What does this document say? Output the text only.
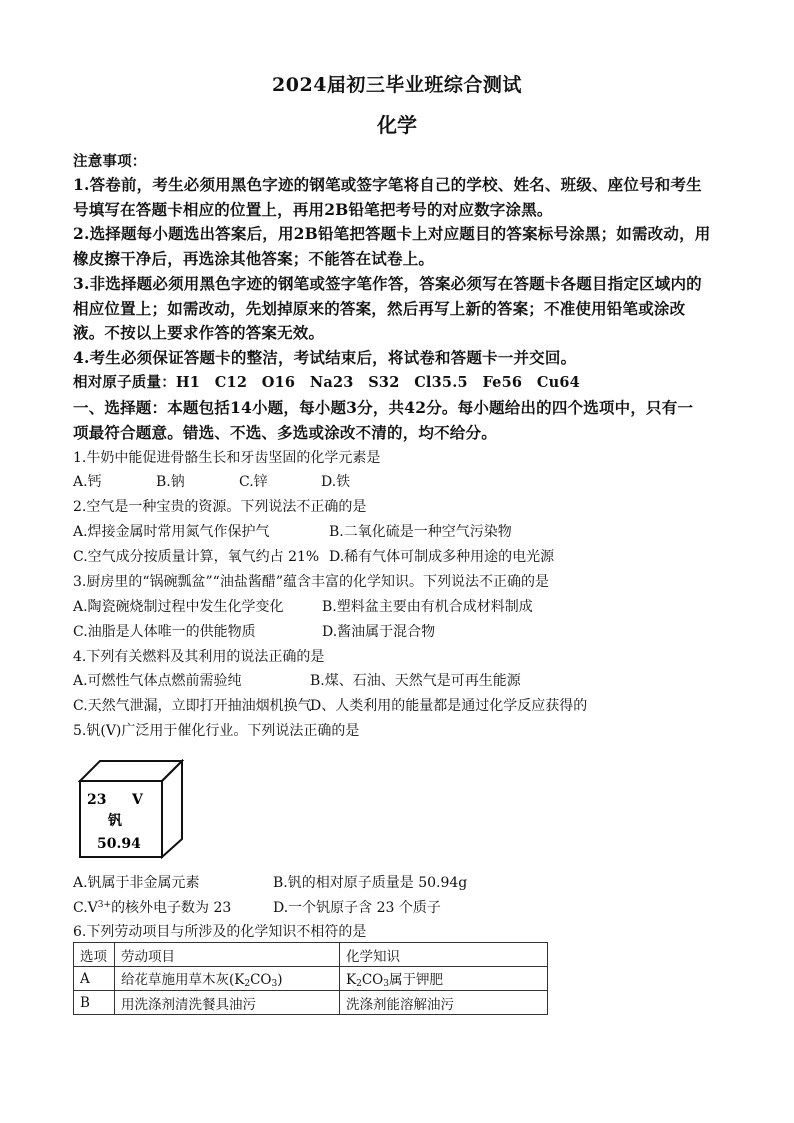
2024届初三毕业班综合测试
化学
注意事项：
1.答卷前，考生必须用黑色字迹的钢笔或签字笔将自己的学校、姓名、班级、座位号和考生
号填写在答题卡相应的位置上，再用2B铅笔把考号的对应数字涂黑。
2.选择题每小题选出答案后，用2B铅笔把答题卡上对应题目的答案标号涂黑；如需改动，用
橡皮擦干净后，再选涂其他答案；不能答在试卷上。
3.非选择题必须用黑色字迹的钢笔或签字笔作答，答案必须写在答题卡各题目指定区域内的
相应位置上；如需改动，先划掉原来的答案，然后再写上新的答案；不准使用铅笔或涂改
液。不按以上要求作答的答案无效。
4.考生必须保证答题卡的整洁，考试结束后，将试卷和答题卡一并交回。
相对原子质量：H1　C12　O16　Na23　S32　Cl35.5　Fe56　Cu64
一、选择题：本题包括14小题，每小题3分，共42分。每小题给出的四个选项中，只有一
项最符合题意。错选、不选、多选或涂改不清的，均不给分。
1.牛奶中能促进骨骼生长和牙齿坚固的化学元素是
A.钙	B.钠	C.锌	D.铁
2.空气是一种宝贵的资源。下列说法不正确的是
A.焊接金属时常用氮气作保护气	B.二氧化硫是一种空气污染物
C.空气成分按质量计算，氧气约占 21% D.稀有气体可制成多种用途的电光源
3.厨房里的“锅碗瓢盆”“油盐酱醋”蕴含丰富的化学知识。下列说法不正确的是
A.陶瓷碗烧制过程中发生化学变化	B.塑料盆主要由有机合成材料制成
C.油脂是人体唯一的供能物质	D.酱油属于混合物
4.下列有关燃料及其利用的说法正确的是
A.可燃性气体点燃前需验纯	B.煤、石油、天然气是可再生能源
C.天然气泄漏，立即打开抽油烟机换气
D、人类利用的能量都是通过化学反应获得的
5.钒(V)广泛用于催化行业。下列说法正确的是
23 V
钒
50.94
A.钒属于非金属元素	B.钒的相对原子质量是 50.94g
$C.V^{3+}$的核外电子数为 23	D.一个钒原子含 23 个质子
6.下列劳动项目与所涉及的化学知识不相符的是
选项	劳动项目	化学知识
A	给花草施用草木灰$(K_2CO_3)$	$K_2CO_3$属于钾肥
B	用洗涤剂清洗餐具油污	洗涤剂能溶解油污
